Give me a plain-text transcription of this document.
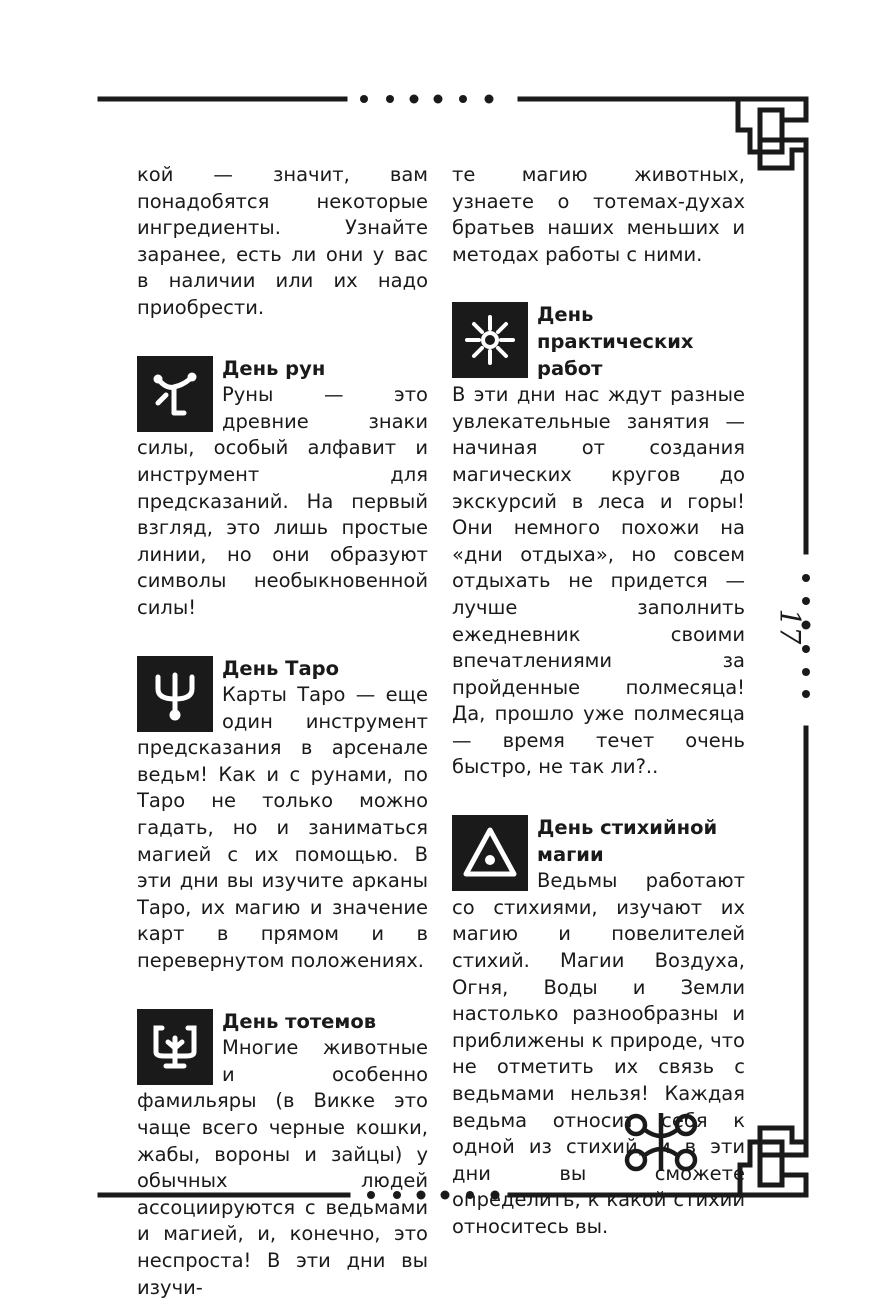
17

кой — значит, вам понадобятся некоторые ингредиенты. Узнайте заранее, есть ли они у вас в наличии или их надо приобрести.

День рун

Руны — это древние знаки силы, особый алфавит и инструмент для предсказаний. На первый взгляд, это лишь простые линии, но они образуют символы необыкновенной силы!

День Таро

Карты Таро — еще один инструмент предсказания в арсенале ведьм! Как и с рунами, по Таро не только можно гадать, но и заниматься магией с их помощью. В эти дни вы изучите арканы Таро, их магию и значение карт в прямом и в перевернутом положениях.

День тотемов

Многие животные и особенно фамильяры (в Викке это чаще всего черные кошки, жабы, вороны и зайцы) у обычных людей ассоциируются с ведьмами и магией, и, конечно, это неспроста! В эти дни вы изучи-

те магию животных, узнаете о тотемах-духах братьев наших меньших и методах работы с ними.

День практических работ

В эти дни нас ждут разные увлекательные занятия — начиная от создания магических кругов до экскурсий в леса и горы! Они немного похожи на «дни отдыха», но совсем отдыхать не придется — лучше заполнить ежедневник своими впечатлениями за пройденные полмесяца! Да, прошло уже полмесяца — время течет очень быстро, не так ли?..

День стихийной магии

Ведьмы работают со стихиями, изучают их магию и повелителей стихий. Магии Воздуха, Огня, Воды и Земли настолько разнообразны и приближены к природе, что не отметить их связь с ведьмами нельзя! Каждая ведьма относит себя к одной из стихий, и в эти дни вы сможете определить, к какой стихии относитесь вы.
